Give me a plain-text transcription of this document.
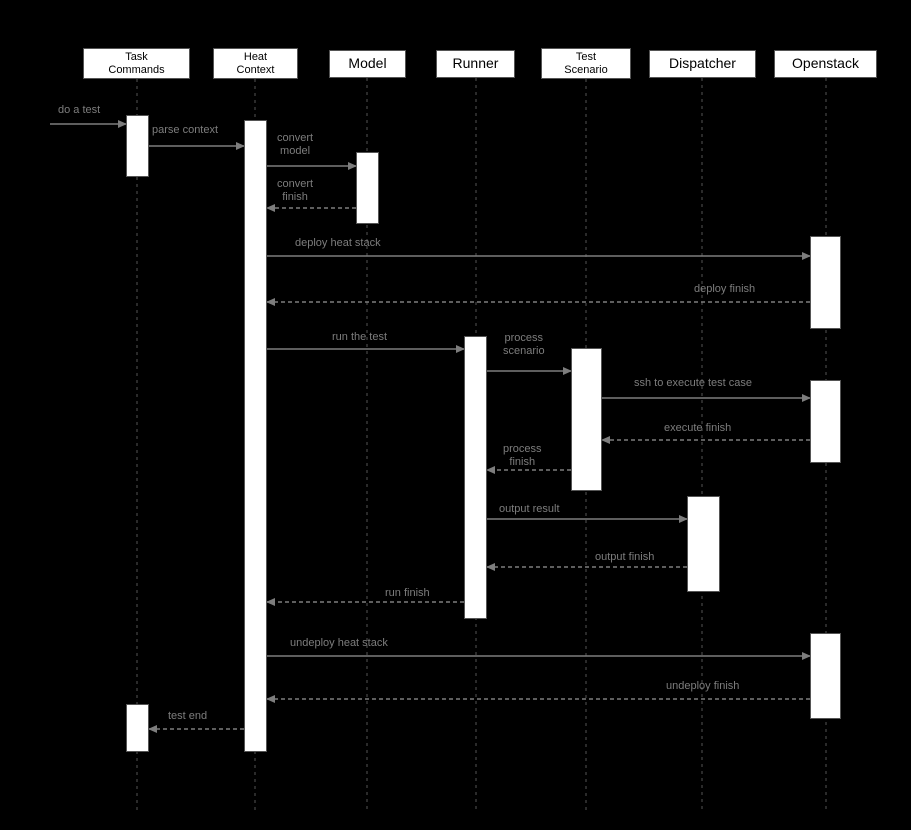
Task
Commands
Heat
Context	Model	Runner	Test
Scenario	Dispatcher	Openstack
do a test
parse context
convert
model
convert
finish
deploy heat stack
deploy finish
run the test	process
scenario
ssh to execute test case
execute finish
process
finish
output result
output finish
run finish
undeploy heat stack
undeploy finish
test end
